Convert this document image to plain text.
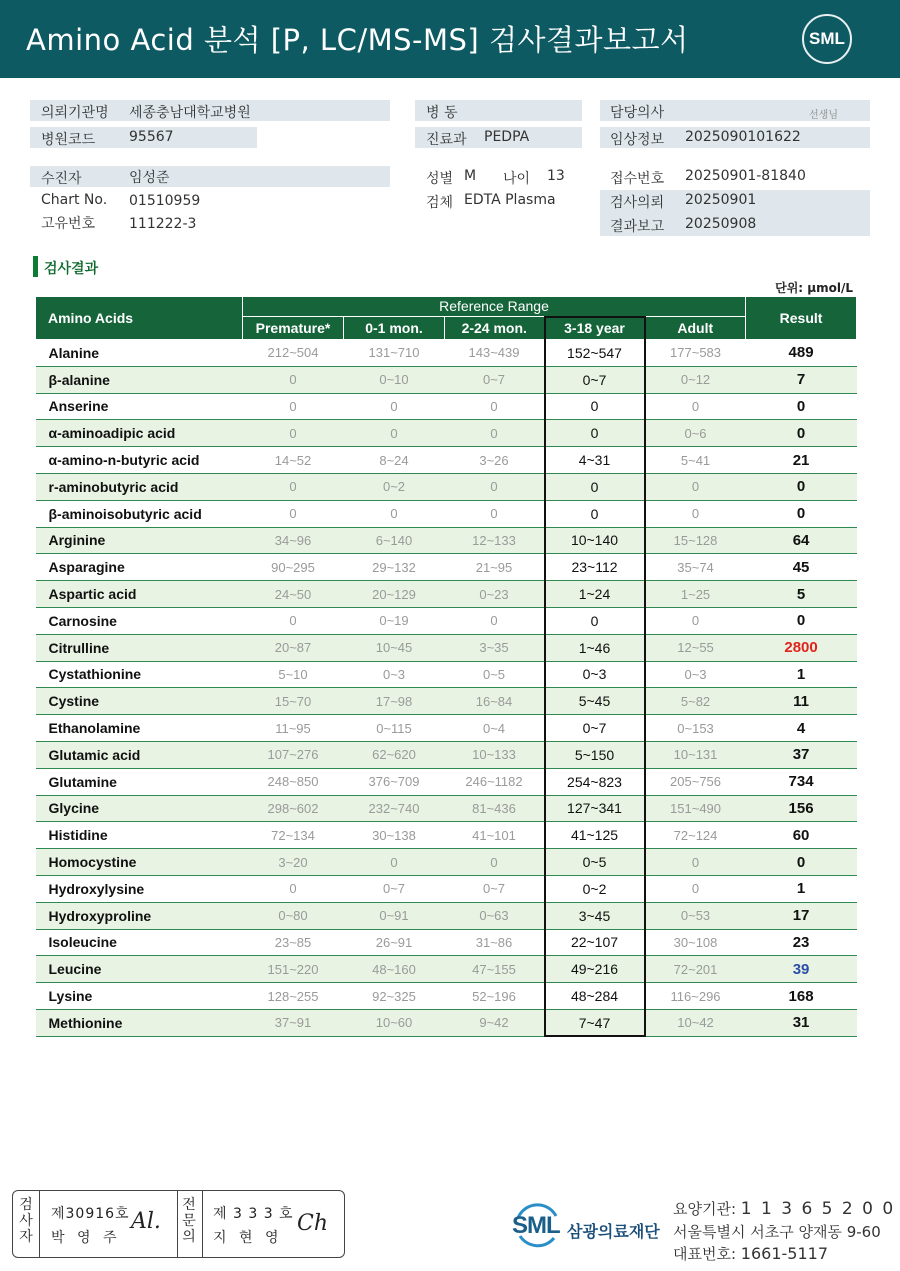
Amino Acid 분석 [P, LC/MS-MS] 검사결과보고서	SML
의뢰기관명 세종충남대학교병원
병원코드 95567
병 동
진료과 PEDPA
담당의사	선생님
임상정보 2025090101622
수진자	임성준
Chart No. 01510959
고유번호 111222-3
성별 M 나이 13
검체 EDTA Plasma
접수번호 20250901-81840
검사의뢰 20250901
결과보고 20250908
검사결과
단위: μmol/L
Amino Acids	Reference Range					Result
	Premature*	0-1 mon.	2-24 mon.	3-18 year	Adult	
Alanine	212~504	131~710	143~439	152~547	177~583	489
β-alanine	0	0~10	0~7	0~7	0~12	7
Anserine	0	0	0	0	0	0
α-aminoadipic acid	0	0	0	0	0~6	0
α-amino-n-butyric acid	14~52	8~24	3~26	4~31	5~41	21
r-aminobutyric acid	0	0~2	0	0	0	0
β-aminoisobutyric acid	0	0	0	0	0	0
Arginine	34~96	6~140	12~133	10~140	15~128	64
Asparagine	90~295	29~132	21~95	23~112	35~74	45
Aspartic acid	24~50	20~129	0~23	1~24	1~25	5
Carnosine	0	0~19	0	0	0	0
Citrulline	20~87	10~45	3~35	1~46	12~55	2800
Cystathionine	5~10	0~3	0~5	0~3	0~3	1
Cystine	15~70	17~98	16~84	5~45	5~82	11
Ethanolamine	11~95	0~115	0~4	0~7	0~153	4
Glutamic acid	107~276	62~620	10~133	5~150	10~131	37
Glutamine	248~850	376~709	246~1182	254~823	205~756	734
Glycine	298~602	232~740	81~436	127~341	151~490	156
Histidine	72~134	30~138	41~101	41~125	72~124	60
Homocystine	3~20	0	0	0~5	0	0
Hydroxylysine	0	0~7	0~7	0~2	0	1
Hydroxyproline	0~80	0~91	0~63	3~45	0~53	17
Isoleucine	23~85	26~91	31~86	22~107	30~108	23
Leucine	151~220	48~160	47~155	49~216	72~201	39
Lysine	128~255	92~325	52~196	48~284	116~296	168
Methionine	37~91	10~60	9~42	7~47	10~42	31
검사자
제30916호
박 영 주
Al.
전문의
제 3 3 3 호
지 현 영
Ch	SML 삼광의료재단
요양기관: 1 1 3 6 5 2 0 0
서울특별시 서초구 양재동 9-60
대표번호: 1661-5117
